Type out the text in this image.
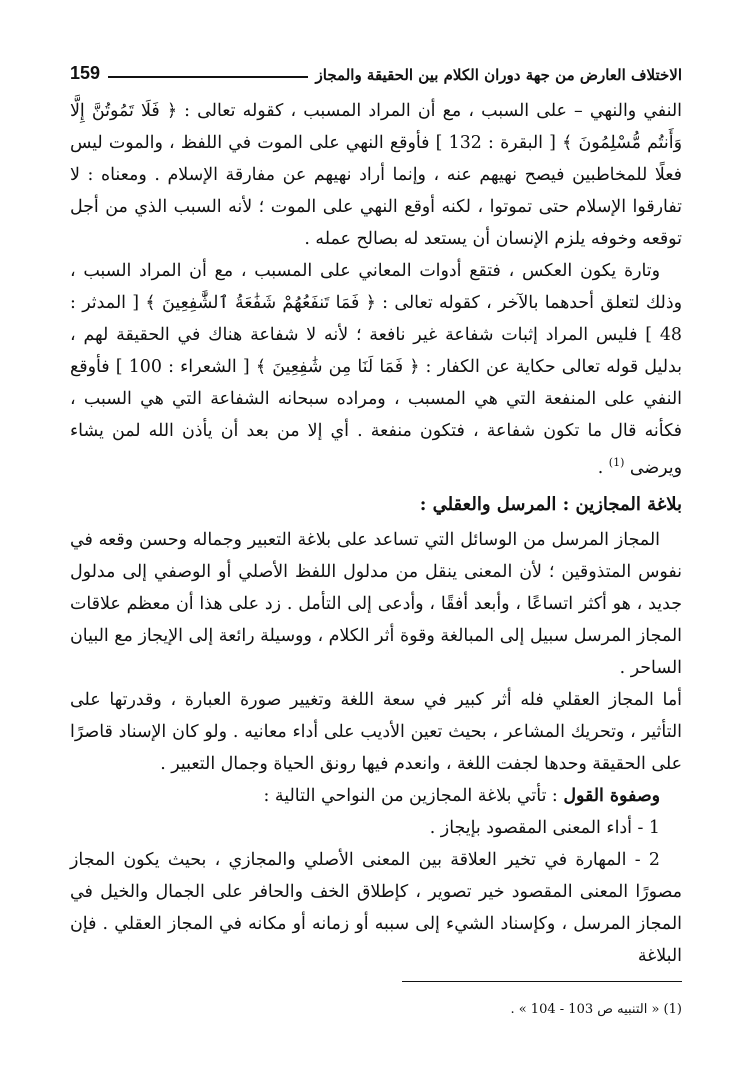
الاختلاف العارض من جهة دوران الكلام بين الحقيقة والمجاز
159

النفي والنهي – على السبب ، مع أن المراد المسبب ، كقوله تعالى : ﴿ فَلَا تَمُوتُنَّ إِلَّا وَأَنتُم مُّسْلِمُونَ ﴾ [ البقرة : 132 ] فأوقع النهي على الموت في اللفظ ، والموت ليس فعلًا للمخاطبين فيصح نهيهم عنه ، وإنما أراد نهيهم عن مفارقة الإسلام . ومعناه : لا تفارقوا الإسلام حتى تموتوا ، لكنه أوقع النهي على الموت ؛ لأنه السبب الذي من أجل توقعه وخوفه يلزم الإنسان أن يستعد له بصالح عمله .

وتارة يكون العكس ، فتقع أدوات المعاني على المسبب ، مع أن المراد السبب ، وذلك لتعلق أحدهما بالآخر ، كقوله تعالى : ﴿ فَمَا تَنفَعُهُمْ شَفَٰعَةُ ٱلشَّٰفِعِينَ ﴾ [ المدثر : 48 ] فليس المراد إثبات شفاعة غير نافعة ؛ لأنه لا شفاعة هناك في الحقيقة لهم ، بدليل قوله تعالى حكاية عن الكفار : ﴿ فَمَا لَنَا مِن شَٰفِعِينَ ﴾ [ الشعراء : 100 ] فأوقع النفي على المنفعة التي هي المسبب ، ومراده سبحانه الشفاعة التي هي السبب ، فكأنه قال ما تكون شفاعة ، فتكون منفعة . أي إلا من بعد أن يأذن الله لمن يشاء ويرضى $^{(1)}$ .

بلاغة المجازين : المرسل والعقلي :

المجاز المرسل من الوسائل التي تساعد على بلاغة التعبير وجماله وحسن وقعه في نفوس المتذوقين ؛ لأن المعنى ينقل من مدلول اللفظ الأصلي أو الوصفي إلى مدلول جديد ، هو أكثر اتساعًا ، وأبعد أفقًا ، وأدعى إلى التأمل . زد على هذا أن معظم علاقات المجاز المرسل سبيل إلى المبالغة وقوة أثر الكلام ، ووسيلة رائعة إلى الإيجاز مع البيان الساحر .

أما المجاز العقلي فله أثر كبير في سعة اللغة وتغيير صورة العبارة ، وقدرتها على التأثير ، وتحريك المشاعر ، بحيث تعين الأديب على أداء معانيه . ولو كان الإسناد قاصرًا على الحقيقة وحدها لجفت اللغة ، وانعدم فيها رونق الحياة وجمال التعبير .

وصفوة القول : تأتي بلاغة المجازين من النواحي التالية :

1 - أداء المعنى المقصود بإيجاز .

2 - المهارة في تخير العلاقة بين المعنى الأصلي والمجازي ، بحيث يكون المجاز مصورًا المعنى المقصود خير تصوير ، كإطلاق الخف والحافر على الجمال والخيل في المجاز المرسل ، وكإسناد الشيء إلى سببه أو زمانه أو مكانه في المجاز العقلي . فإن البلاغة

(1) « التنبيه ص 103 - 104 » .
